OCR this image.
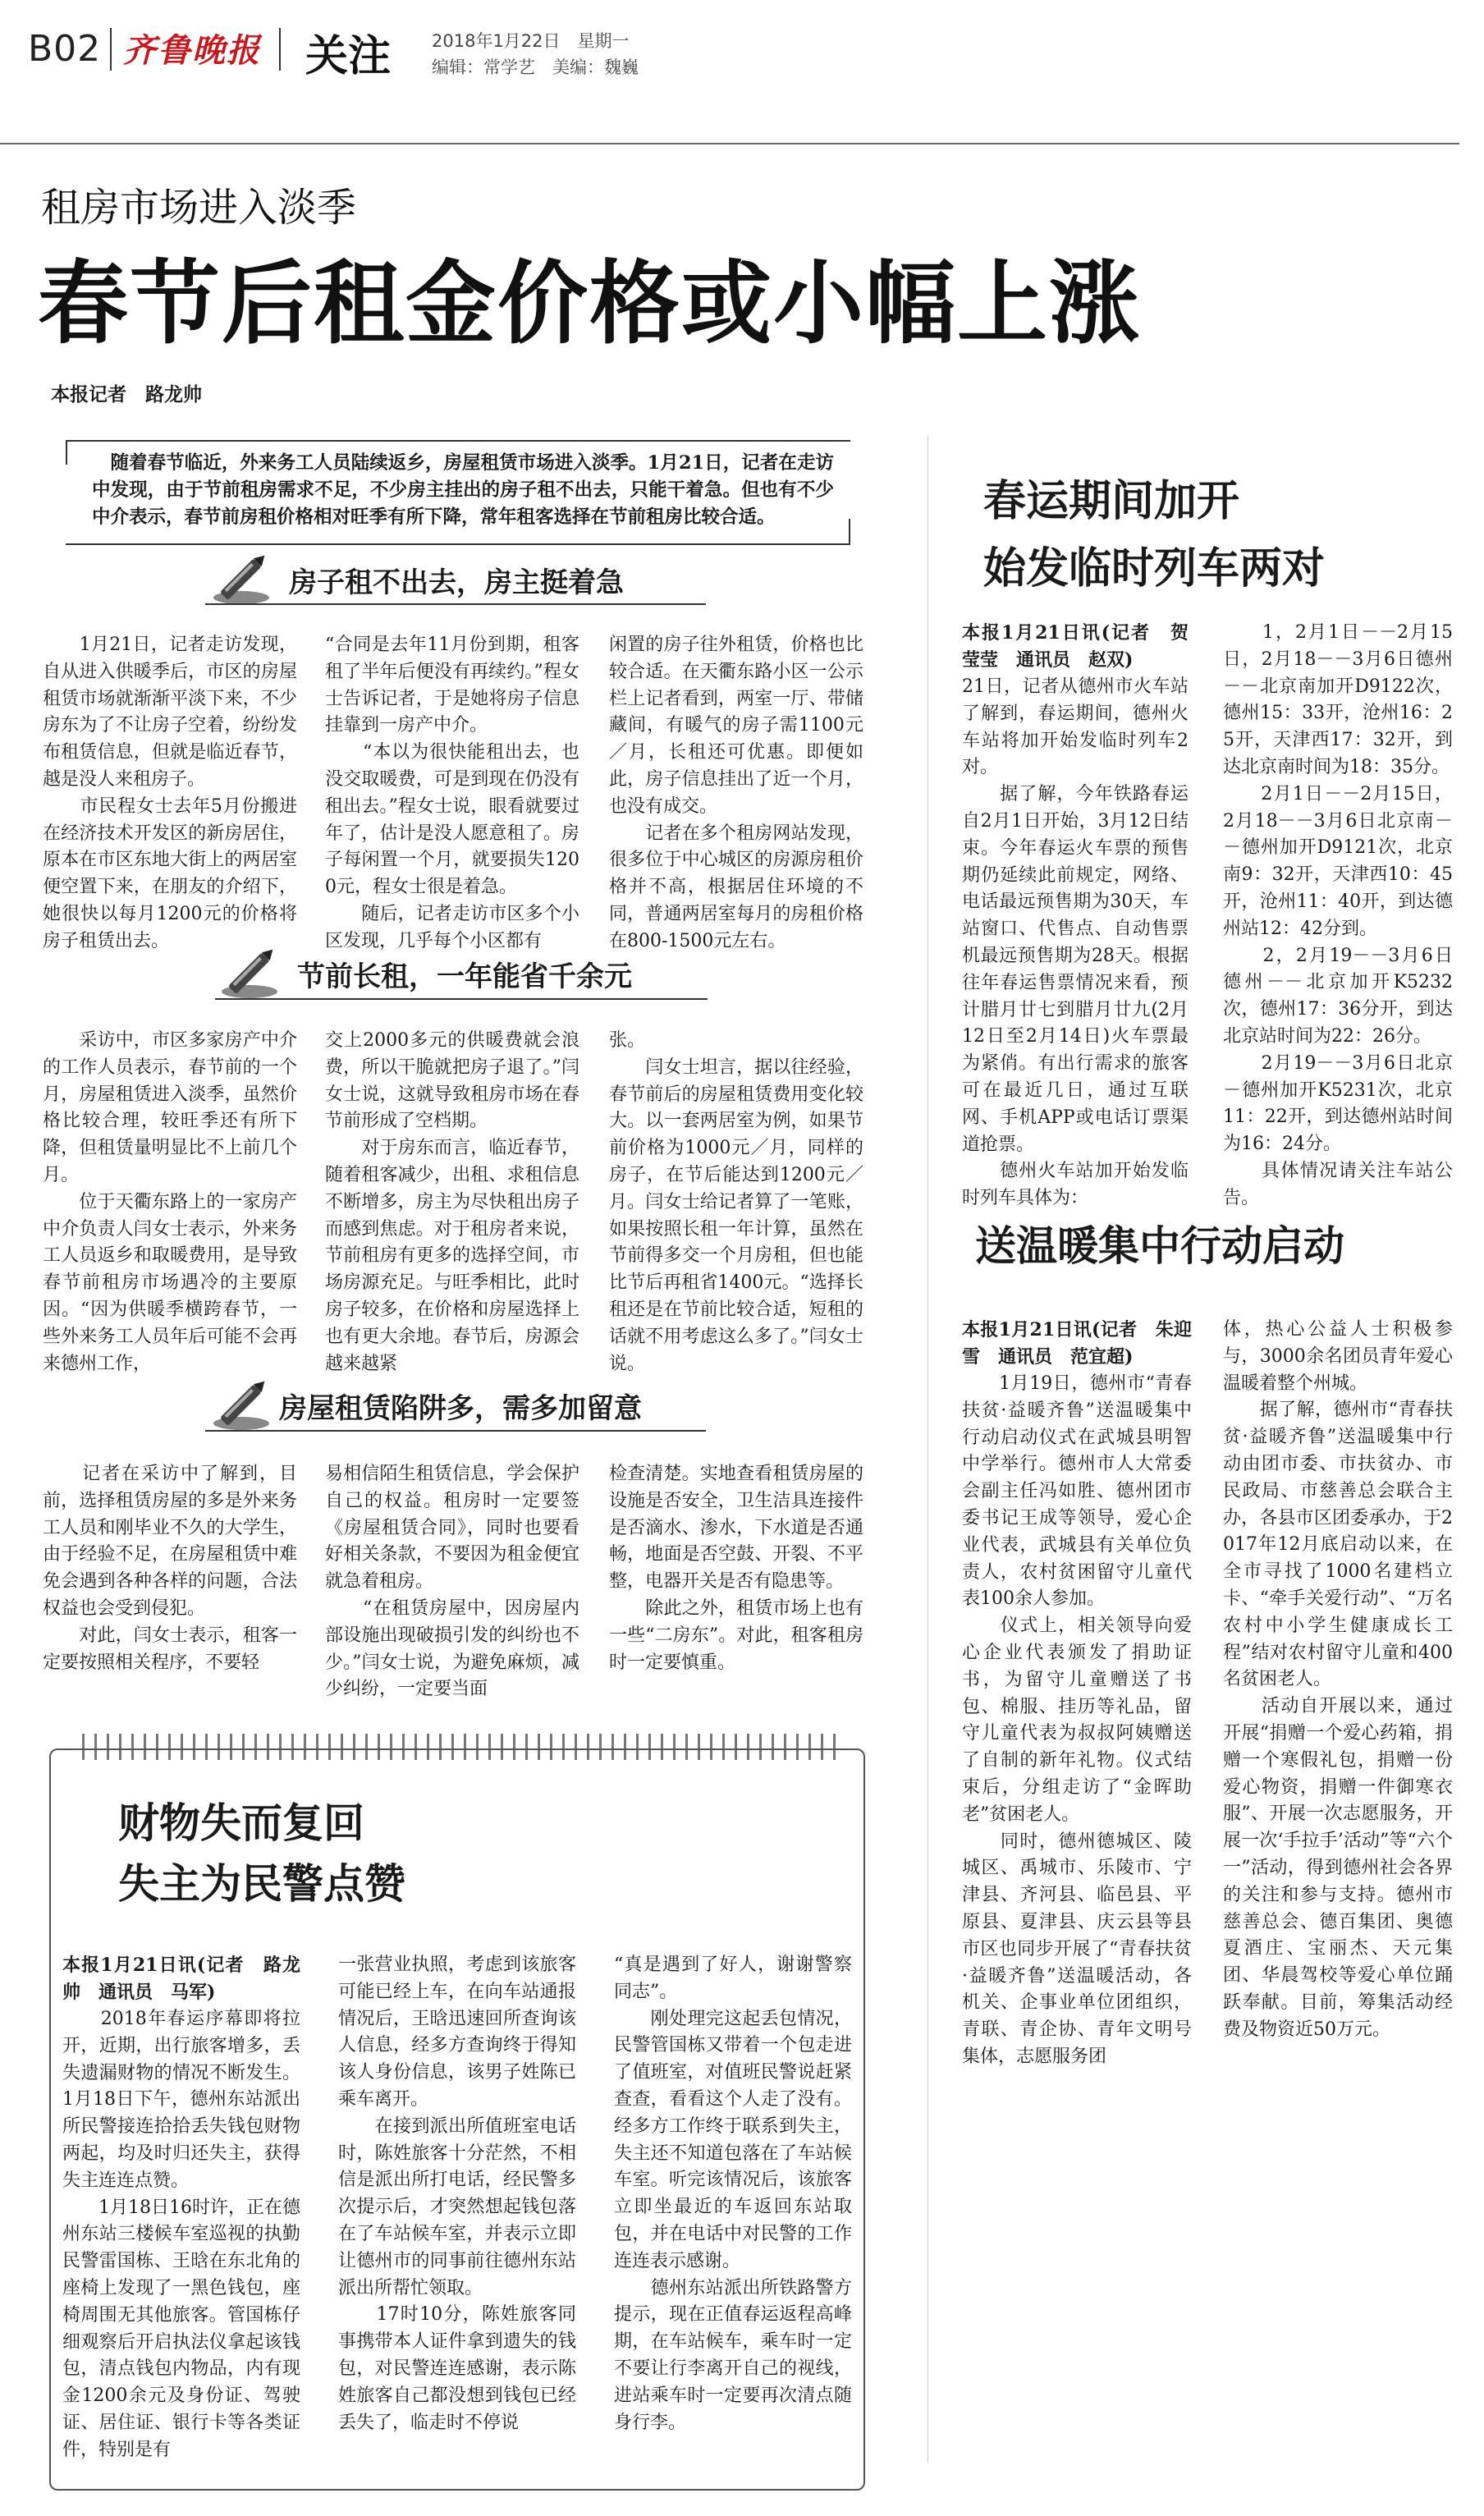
B02 齐鲁晚报 关注 2018年1月22日　星期一
编辑：常学艺　美编：魏巍
租房市场进入淡季
春节后租金价格或小幅上涨
本报记者　路龙帅
随着春节临近，外来务工人员陆续返乡，房屋租赁市场进入淡季。1月21日，记者在走访中发现，由于节前租房需求不足，不少房主挂出的房子租不出去，只能干着急。但也有不少中介表示，春节前房租价格相对旺季有所下降，常年租客选择在节前租房比较合适。
房子租不出去，房主挺着急
　　1月21日，记者走访发现，自从进入供暖季后，市区的房屋租赁市场就渐渐平淡下来，不少房东为了不让房子空着，纷纷发布租赁信息，但就是临近春节，越是没人来租房子。
　　市民程女士去年5月份搬进在经济技术开发区的新房居住，原本在市区东地大街上的两居室便空置下来，在朋友的介绍下，她很快以每月1200元的价格将房子租赁出去。
“合同是去年11月份到期，租客租了半年后便没有再续约。”程女士告诉记者，于是她将房子信息挂靠到一房产中介。
　　“本以为很快能租出去，也没交取暖费，可是到现在仍没有租出去。”程女士说，眼看就要过年了，估计是没人愿意租了。房子每闲置一个月，就要损失1200元，程女士很是着急。
　　随后，记者走访市区多个小区发现，几乎每个小区都有
闲置的房子往外租赁，价格也比较合适。在天衢东路小区一公示栏上记者看到，两室一厅、带储藏间，有暖气的房子需1100元／月，长租还可优惠。即便如此，房子信息挂出了近一个月，也没有成交。
　　记者在多个租房网站发现，很多位于中心城区的房源房租价格并不高，根据居住环境的不同，普通两居室每月的房租价格在800-1500元左右。
节前长租，一年能省千余元
　　采访中，市区多家房产中介的工作人员表示，春节前的一个月，房屋租赁进入淡季，虽然价格比较合理，较旺季还有所下降，但租赁量明显比不上前几个月。
　　位于天衢东路上的一家房产中介负责人闫女士表示，外来务工人员返乡和取暖费用，是导致春节前租房市场遇冷的主要原因。“因为供暖季横跨春节，一些外来务工人员年后可能不会再来德州工作，
交上2000多元的供暖费就会浪费，所以干脆就把房子退了。”闫女士说，这就导致租房市场在春节前形成了空档期。
　　对于房东而言，临近春节，随着租客减少，出租、求租信息不断增多，房主为尽快租出房子而感到焦虑。对于租房者来说，节前租房有更多的选择空间，市场房源充足。与旺季相比，此时房子较多，在价格和房屋选择上也有更大余地。春节后，房源会越来越紧
张。
　　闫女士坦言，据以往经验，春节前后的房屋租赁费用变化较大。以一套两居室为例，如果节前价格为1000元／月，同样的房子，在节后能达到1200元／月。闫女士给记者算了一笔账，如果按照长租一年计算，虽然在节前得多交一个月房租，但也能比节后再租省1400元。“选择长租还是在节前比较合适，短租的话就不用考虑这么多了。”闫女士说。
房屋租赁陷阱多，需多加留意
　　记者在采访中了解到，目前，选择租赁房屋的多是外来务工人员和刚毕业不久的大学生，由于经验不足，在房屋租赁中难免会遇到各种各样的问题，合法权益也会受到侵犯。
　　对此，闫女士表示，租客一定要按照相关程序，不要轻
易相信陌生租赁信息，学会保护自己的权益。租房时一定要签《房屋租赁合同》，同时也要看好相关条款，不要因为租金便宜就急着租房。
　　“在租赁房屋中，因房屋内部设施出现破损引发的纠纷也不少。”闫女士说，为避免麻烦，减少纠纷，一定要当面
检查清楚。实地查看租赁房屋的设施是否安全，卫生洁具连接件是否滴水、渗水，下水道是否通畅，地面是否空鼓、开裂、不平整，电器开关是否有隐患等。
　　除此之外，租赁市场上也有一些“二房东”。对此，租客租房时一定要慎重。
财物失而复回
失主为民警点赞
本报1月21日讯(记者　路龙帅　通讯员　马军)
　　2018年春运序幕即将拉开，近期，出行旅客增多，丢失遗漏财物的情况不断发生。1月18日下午，德州东站派出所民警接连拾拾丢失钱包财物两起，均及时归还失主，获得失主连连点赞。
　　1月18日16时许，正在德州东站三楼候车室巡视的执勤民警雷国栋、王晗在东北角的座椅上发现了一黑色钱包，座椅周围无其他旅客。管国栋仔细观察后开启执法仪拿起该钱包，清点钱包内物品，内有现金1200余元及身份证、驾驶证、居住证、银行卡等各类证件，特别是有
一张营业执照，考虑到该旅客可能已经上车，在向车站通报情况后，王晗迅速回所查询该人信息，经多方查询终于得知该人身份信息，该男子姓陈已乘车离开。
　　在接到派出所值班室电话时，陈姓旅客十分茫然，不相信是派出所打电话，经民警多次提示后，才突然想起钱包落在了车站候车室，并表示立即让德州市的同事前往德州东站派出所帮忙领取。
　　17时10分，陈姓旅客同事携带本人证件拿到遗失的钱包，对民警连连感谢，表示陈姓旅客自己都没想到钱包已经丢失了，临走时不停说
“真是遇到了好人，谢谢警察同志”。
　　刚处理完这起丢包情况，民警管国栋又带着一个包走进了值班室，对值班民警说赶紧查查，看看这个人走了没有。经多方工作终于联系到失主，失主还不知道包落在了车站候车室。听完该情况后，该旅客立即坐最近的车返回东站取包，并在电话中对民警的工作连连表示感谢。
　　德州东站派出所铁路警方提示，现在正值春运返程高峰期，在车站候车，乘车时一定不要让行李离开自己的视线，进站乘车时一定要再次清点随身行李。
春运期间加开
始发临时列车两对
本报1月21日讯(记者　贺莹莹　通讯员　赵双)
21日，记者从德州市火车站了解到，春运期间，德州火车站将加开始发临时列车2对。
　　据了解，今年铁路春运自2月1日开始，3月12日结束。今年春运火车票的预售期仍延续此前规定，网络、电话最远预售期为30天，车站窗口、代售点、自动售票机最远预售期为28天。根据往年春运售票情况来看，预计腊月廿七到腊月廿九(2月12日至2月14日)火车票最为紧俏。有出行需求的旅客可在最近几日，通过互联网、手机APP或电话订票渠道抢票。
　　德州火车站加开始发临时列车具体为：
　　1，2月1日－－2月15日，2月18－－3月6日德州－－北京南加开D9122次，德州15：33开，沧州16：25开，天津西17：32开，到达北京南时间为18：35分。
　　2月1日－－2月15日，2月18－－3月6日北京南－－德州加开D9121次，北京南9：32开，天津西10：45开，沧州11：40开，到达德州站12：42分到。
　　2，2月19－－3月6日德州－－北京加开K5232次，德州17：36分开，到达北京站时间为22：26分。
　　2月19－－3月6日北京－德州加开K5231次，北京11：22开，到达德州站时间为16：24分。
　　具体情况请关注车站公告。
送温暖集中行动启动
本报1月21日讯(记者　朱迎雪　通讯员　范宜超)
　　1月19日，德州市“青春扶贫·益暖齐鲁”送温暖集中行动启动仪式在武城县明智中学举行。德州市人大常委会副主任冯如胜、德州团市委书记王成等领导，爱心企业代表，武城县有关单位负责人，农村贫困留守儿童代表100余人参加。
　　仪式上，相关领导向爱心企业代表颁发了捐助证书，为留守儿童赠送了书包、棉服、挂历等礼品，留守儿童代表为叔叔阿姨赠送了自制的新年礼物。仪式结束后，分组走访了“金晖助老”贫困老人。
　　同时，德州德城区、陵城区、禹城市、乐陵市、宁津县、齐河县、临邑县、平原县、夏津县、庆云县等县市区也同步开展了“青春扶贫·益暖齐鲁”送温暖活动，各机关、企事业单位团组织，青联、青企协、青年文明号集体，志愿服务团
体，热心公益人士积极参与，3000余名团员青年爱心温暖着整个州城。
　　据了解，德州市“青春扶贫·益暖齐鲁”送温暖集中行动由团市委、市扶贫办、市民政局、市慈善总会联合主办，各县市区团委承办，于2017年12月底启动以来，在全市寻找了1000名建档立卡、“牵手关爱行动”、“万名农村中小学生健康成长工程”结对农村留守儿童和400名贫困老人。
　　活动自开展以来，通过开展“捐赠一个爱心药箱，捐赠一个寒假礼包，捐赠一份爱心物资，捐赠一件御寒衣服”、开展一次志愿服务，开展一次‘手拉手’活动”等“六个一”活动，得到德州社会各界的关注和参与支持。德州市慈善总会、德百集团、奥德夏酒庄、宝丽杰、天元集团、华晨驾校等爱心单位踊跃奉献。目前，筹集活动经费及物资近50万元。
